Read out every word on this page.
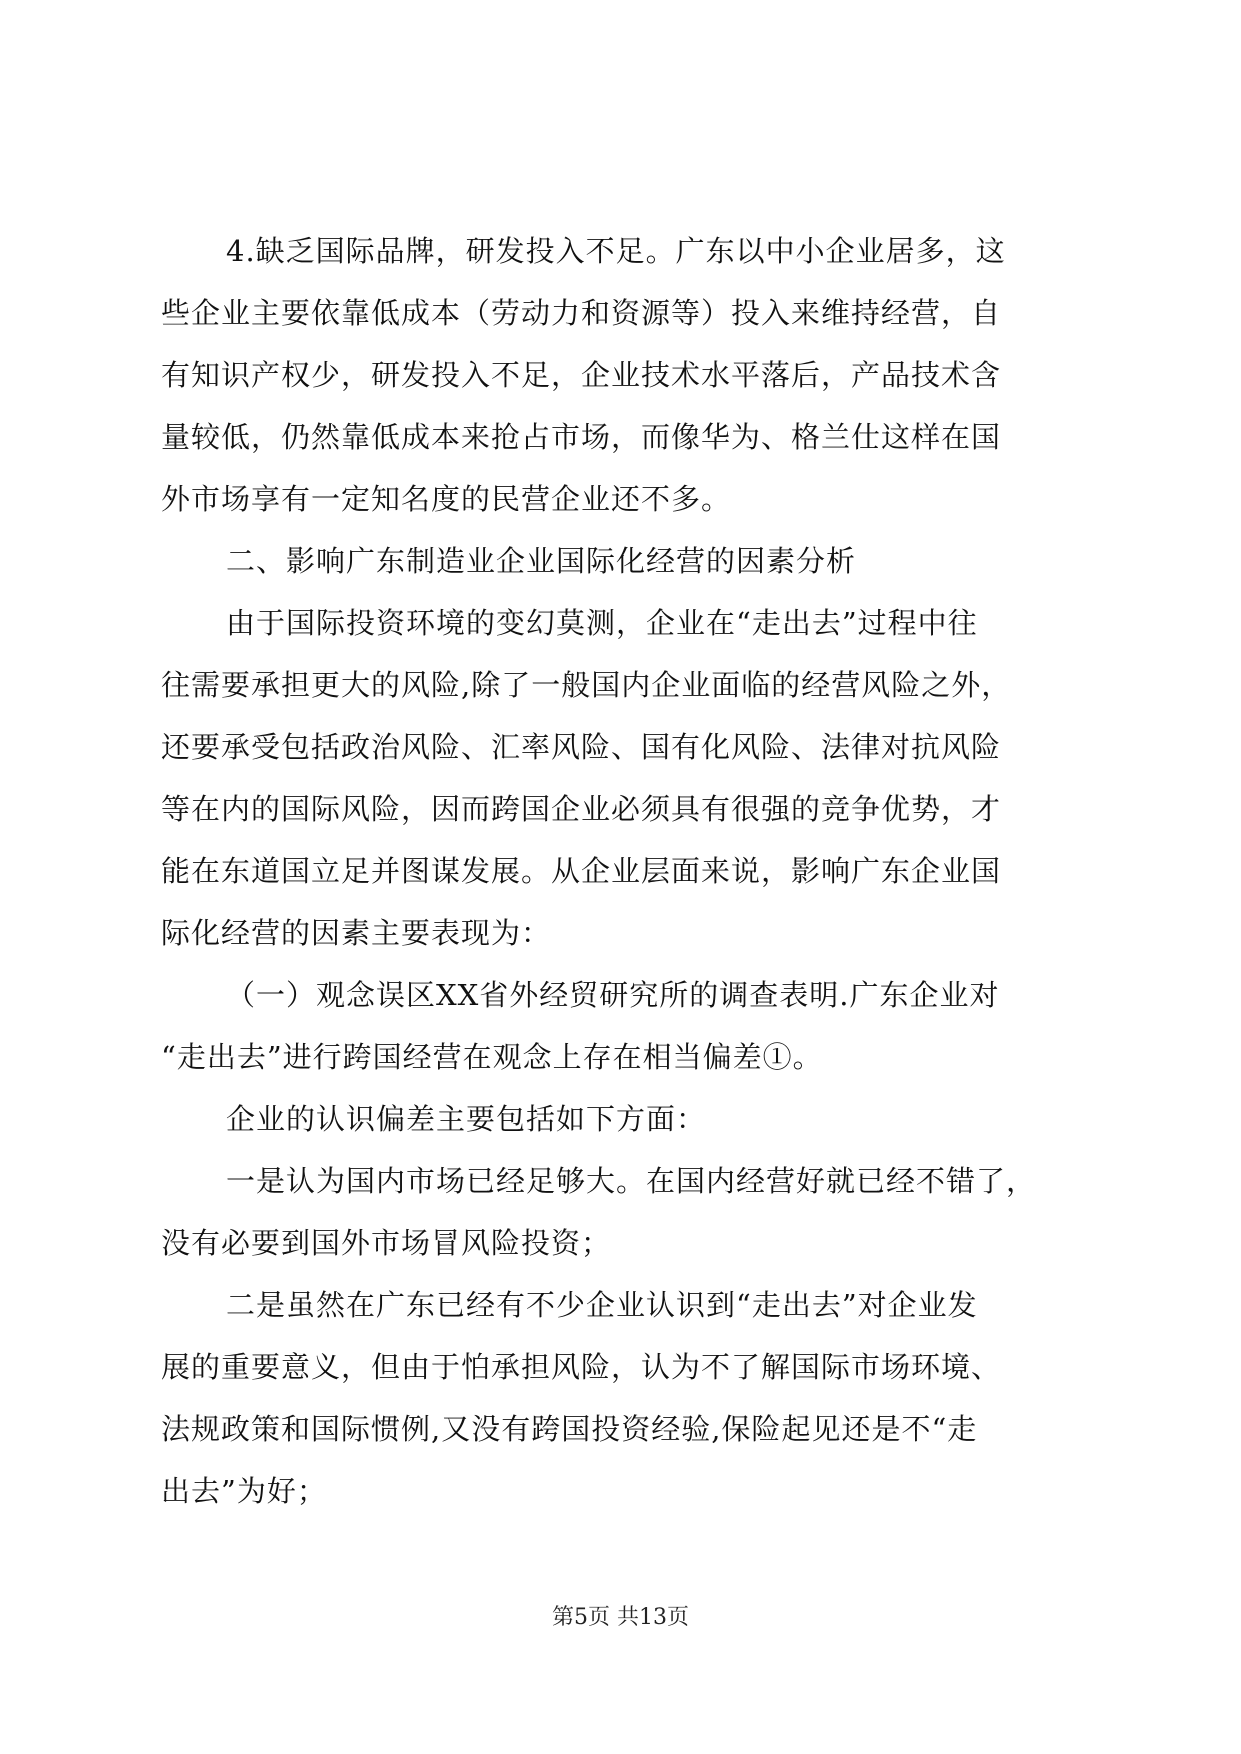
4.缺乏国际品牌，研发投入不足。广东以中小企业居多，这
些企业主要依靠低成本（劳动力和资源等）投入来维持经营，自
有知识产权少，研发投入不足，企业技术水平落后，产品技术含
量较低，仍然靠低成本来抢占市场，而像华为、格兰仕这样在国
外市场享有一定知名度的民营企业还不多。
二、影响广东制造业企业国际化经营的因素分析
由于国际投资环境的变幻莫测，企业在“走出去”过程中往
往需要承担更大的风险,除了一般国内企业面临的经营风险之外，
还要承受包括政治风险、汇率风险、国有化风险、法律对抗风险
等在内的国际风险，因而跨国企业必须具有很强的竞争优势，才
能在东道国立足并图谋发展。从企业层面来说，影响广东企业国
际化经营的因素主要表现为：
（一）观念误区XX省外经贸研究所的调查表明.广东企业对
“走出去”进行跨国经营在观念上存在相当偏差①。
企业的认识偏差主要包括如下方面：
一是认为国内市场已经足够大。在国内经营好就已经不错了，
没有必要到国外市场冒风险投资；
二是虽然在广东已经有不少企业认识到“走出去”对企业发
展的重要意义，但由于怕承担风险，认为不了解国际市场环境、
法规政策和国际惯例,又没有跨国投资经验,保险起见还是不“走
出去”为好；
第5页 共13页
